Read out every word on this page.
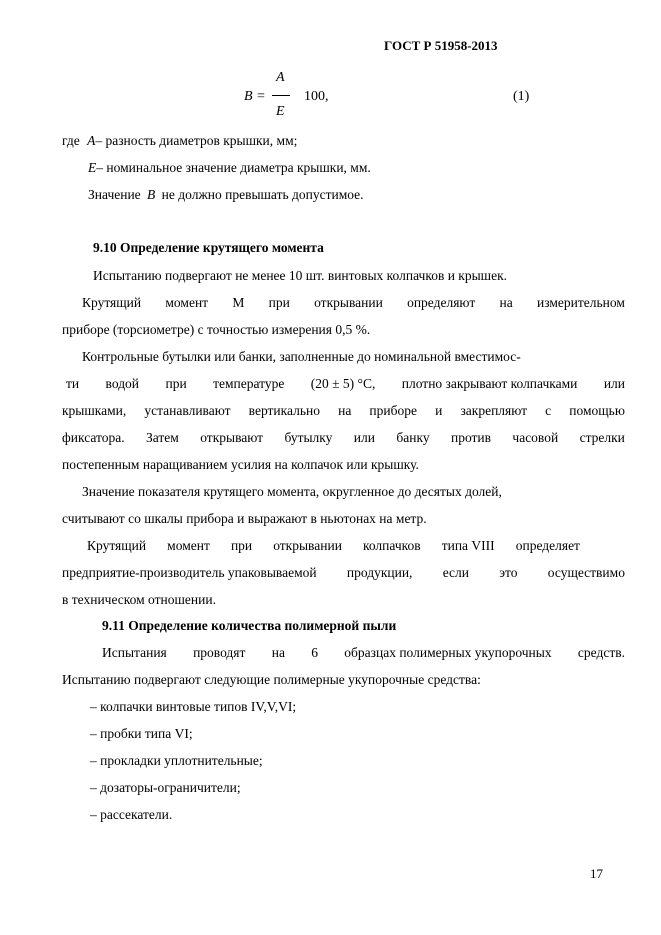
ГОСТ Р 51958-2013
B =
A
E
100,	(1)
где A– разность диаметров крышки, мм;
E– номинальное значение диаметра крышки, мм.
Значение B не должно превышать допустимое.
9.10 Определение крутящего момента
Испытанию подвергают не менее 10 шт. винтовых колпачков и крышек.
Крутящий момент М при открывании определяют на измерительном
прибope (торсиометре) с точностью измерения 0,5 %.
Контрольные бутылки или банки, заполненные до номинальной вместимос-
ти водой при температуре (20 ± 5) °С, плотно закрывают колпачками или
крышками, устанавливают вертикально на приборе и закрепляют с помощью
фиксатора. Затем открывают бутылку или банку против часовой стрелки
постепенным наращиванием усилия на колпачок или крышку.
Значение показателя крутящего момента, округленное до десятых долей,
считывают со шкалы прибора и выражают в ньютонах на метр.
Крутящий момент при открывании колпачков типа VIII определяет
предприятие-производитель упаковываемой продукции, если это осуществимо
в техническом отношении.
9.11 Определение количества полимерной пыли
Испытания проводят на 6 образцах полимерных укупорочных средств.
Испытанию подвергают следующие полимерные укупорочные средства:
– колпачки винтовые типов IV,V,VI;
– пробки типа VI;
– прокладки уплотнительные;
– дозаторы-ограничители;
– рассекатели.
17
